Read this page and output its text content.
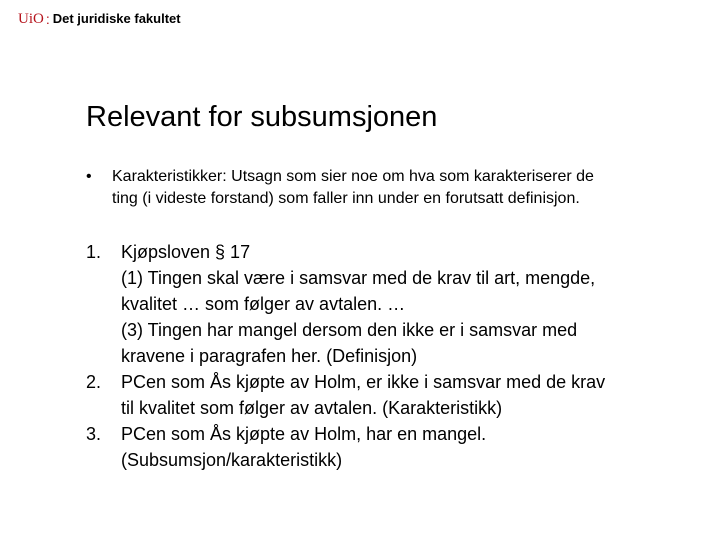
UiO : Det juridiske fakultet
Relevant for subsumsjonen
•	Karakteristikker: Utsagn som sier noe om hva som karakteriserer de
ting (i videste forstand) som faller inn under en forutsatt definisjon.
1.	Kjøpsloven § 17
(1) Tingen skal være i samsvar med de krav til art, mengde,
kvalitet … som følger av avtalen. …
(3) Tingen har mangel dersom den ikke er i samsvar med
kravene i paragrafen her. (Definisjon)
2.	PCen som Ås kjøpte av Holm, er ikke i samsvar med de krav
til kvalitet som følger av avtalen. (Karakteristikk)
3.	PCen som Ås kjøpte av Holm, har en mangel.
(Subsumsjon/karakteristikk)
